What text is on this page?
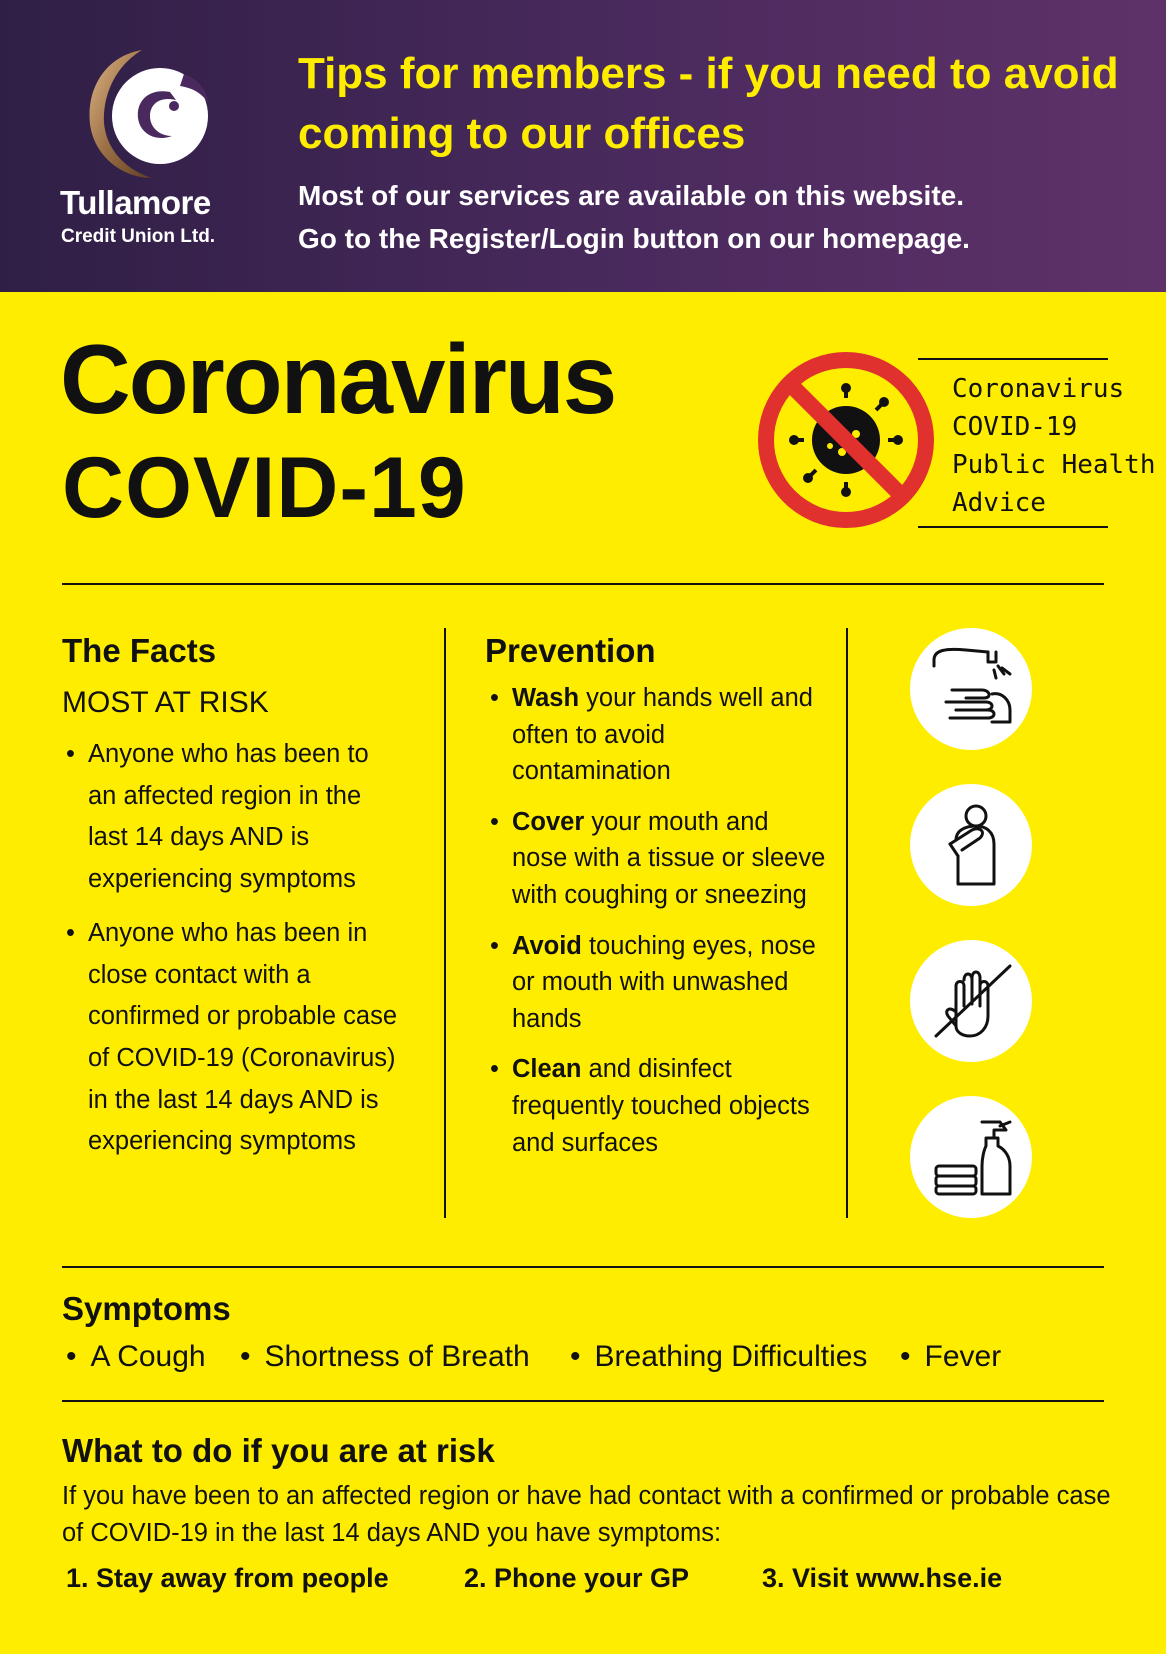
Tullamore
Credit Union Ltd.
Tips for members - if you need to avoid coming to our offices
Most of our services are available on this website.
Go to the Register/Login button on our homepage.
Coronavirus
COVID-19
Coronavirus
COVID-19
Public Health
Advice
The Facts
MOST AT RISK
• Anyone who has been to an affected region in the last 14 days AND is experiencing symptoms
• Anyone who has been in close contact with a confirmed or probable case of COVID-19 (Coronavirus) in the last 14 days AND is experiencing symptoms
Prevention
• Wash your hands well and often to avoid contamination
• Cover your mouth and nose with a tissue or sleeve with coughing or sneezing
• Avoid touching eyes, nose or mouth with unwashed hands
• Clean and disinfect frequently touched objects and surfaces
Symptoms
• A Cough	• Shortness of Breath	• Breathing Difficulties	• Fever
What to do if you are at risk
If you have been to an affected region or have had contact with a confirmed or probable case of COVID-19 in the last 14 days AND you have symptoms:
1. Stay away from people	2. Phone your GP	3. Visit www.hse.ie
